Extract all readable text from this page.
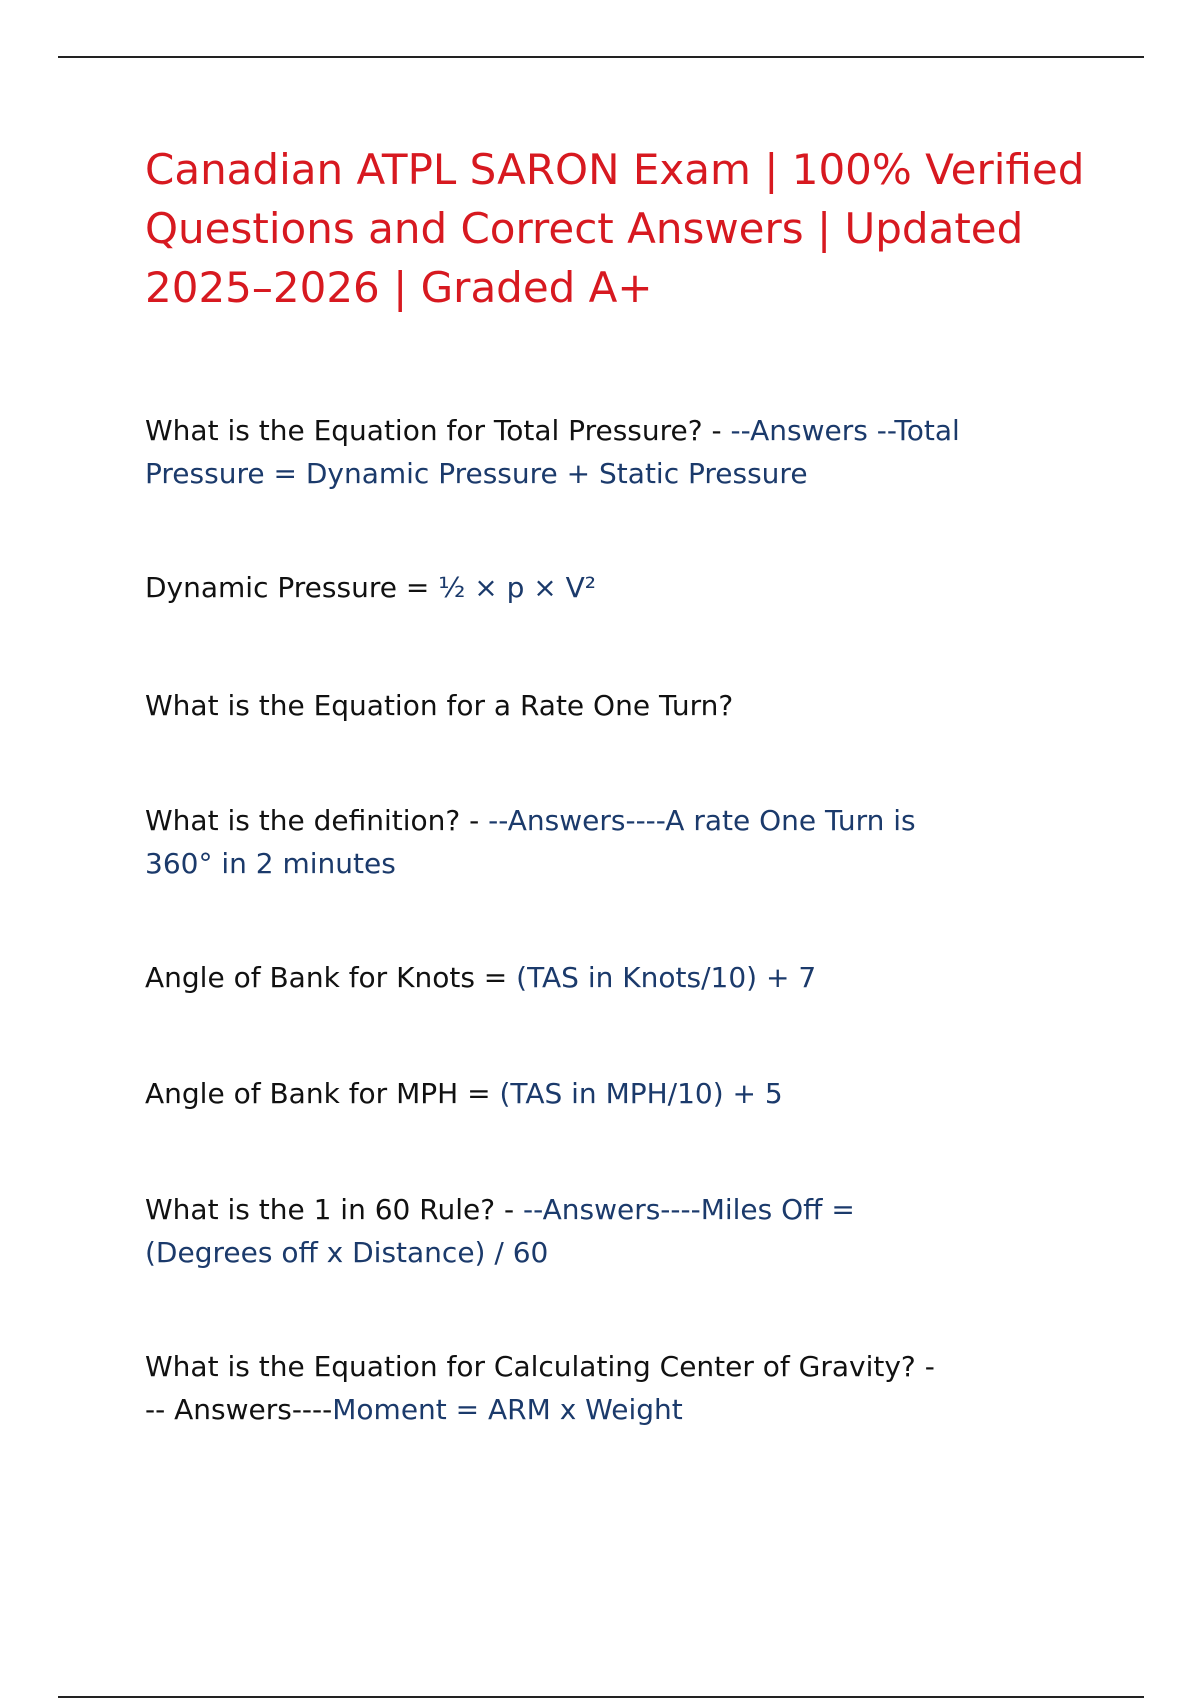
Canadian ATPL SARON Exam | 100% Verified Questions and Correct Answers | Updated 2025–2026 | Graded A+

What is the Equation for Total Pressure? - --Answers --Total
Pressure = Dynamic Pressure + Static Pressure

Dynamic Pressure = ½ × p × V²

What is the Equation for a Rate One Turn?

What is the definition? - --Answers----A rate One Turn is
360° in 2 minutes

Angle of Bank for Knots = (TAS in Knots/10) + 7

Angle of Bank for MPH = (TAS in MPH/10) + 5

What is the 1 in 60 Rule? - --Answers----Miles Off =
(Degrees off x Distance) / 60

What is the Equation for Calculating Center of Gravity? -
-- Answers----Moment = ARM x Weight
